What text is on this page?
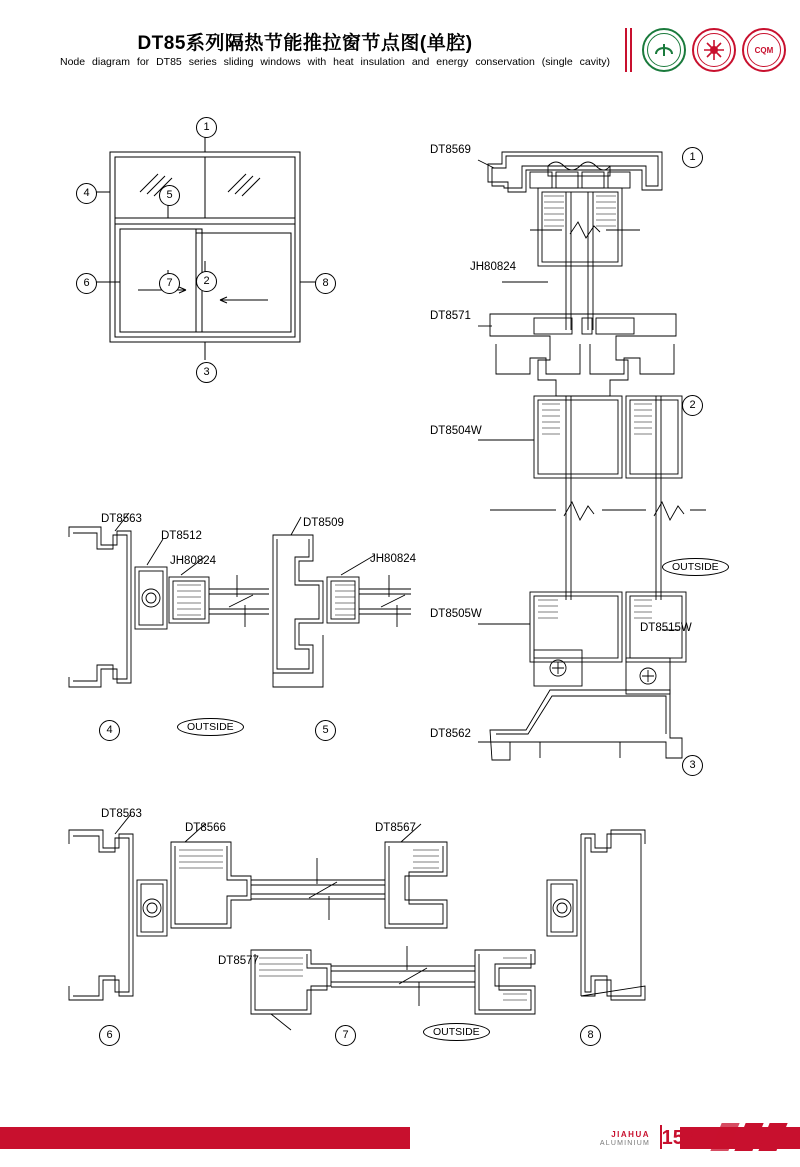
DT85系列隔热节能推拉窗节点图(单腔)
Node diagram for DT85 series sliding windows with heat insulation and energy conservation (single cavity)
CQM
1
2
3
4	5
6	7	8
DT8569
JH80824
DT8571
DT8504W
DT8505W
DT8515W
DT8562
1
2
3
OUTSIDE
DT8563
DT8512
JH80824
DT8509
JH80824
4	5
OUTSIDE
DT8563
DT8566	DT8567
DT8577
6	7	8
OUTSIDE
JIAHUA
ALUMINIUM 157
